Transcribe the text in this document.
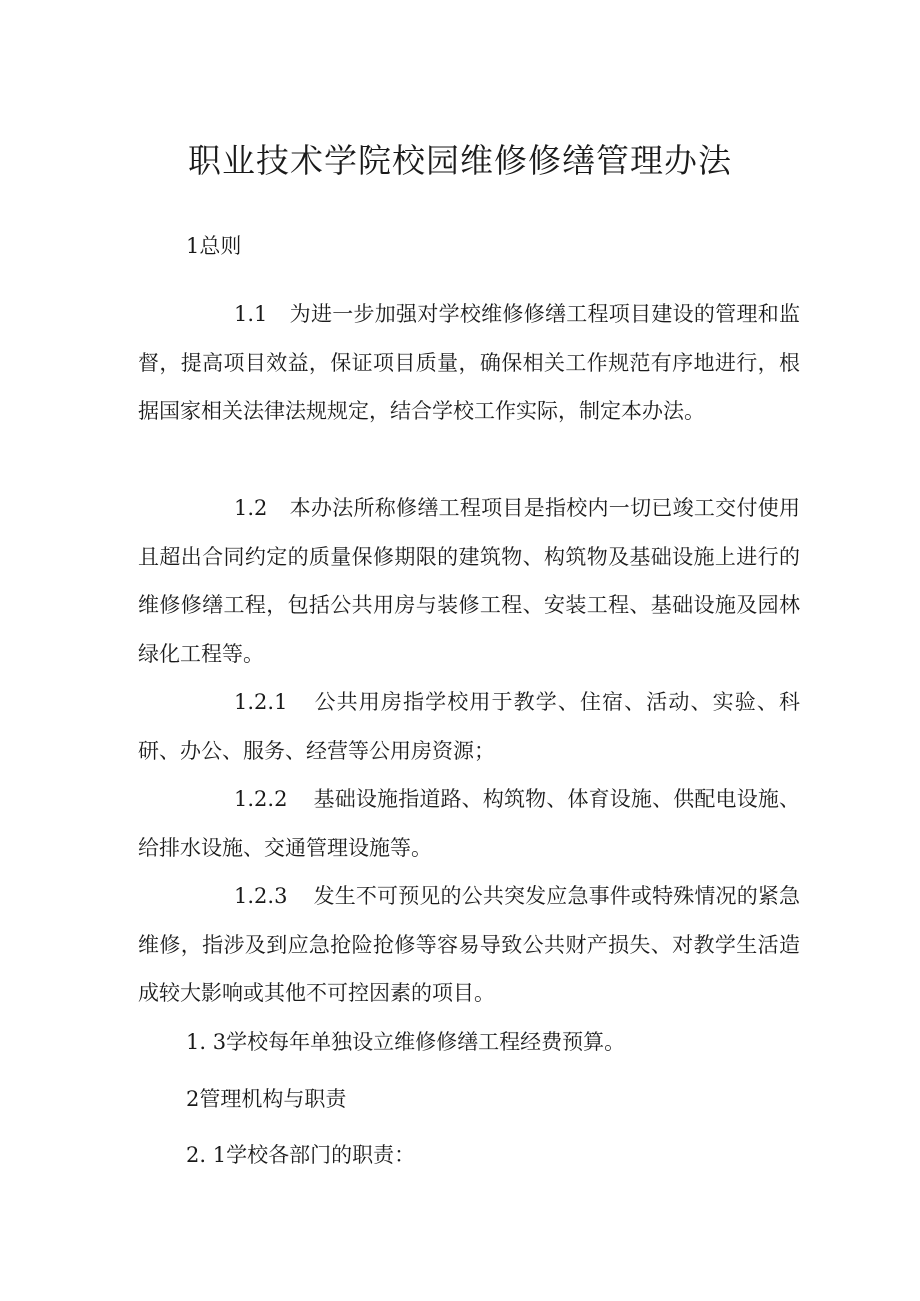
职业技术学院校园维修修缮管理办法
1总则

1.1 为进一步加强对学校维修修缮工程项目建设的管理和监督，提高项目效益，保证项目质量，确保相关工作规范有序地进行，根据国家相关法律法规规定，结合学校工作实际，制定本办法。

1.2 本办法所称修缮工程项目是指校内一切已竣工交付使用且超出合同约定的质量保修期限的建筑物、构筑物及基础设施上进行的维修修缮工程，包括公共用房与装修工程、安装工程、基础设施及园林绿化工程等。

1.2.1 公共用房指学校用于教学、住宿、活动、实验、科研、办公、服务、经营等公用房资源；

1.2.2 基础设施指道路、构筑物、体育设施、供配电设施、给排水设施、交通管理设施等。

1.2.3 发生不可预见的公共突发应急事件或特殊情况的紧急维修，指涉及到应急抢险抢修等容易导致公共财产损失、对教学生活造成较大影响或其他不可控因素的项目。

1. 3学校每年单独设立维修修缮工程经费预算。

2管理机构与职责

2. 1学校各部门的职责：
